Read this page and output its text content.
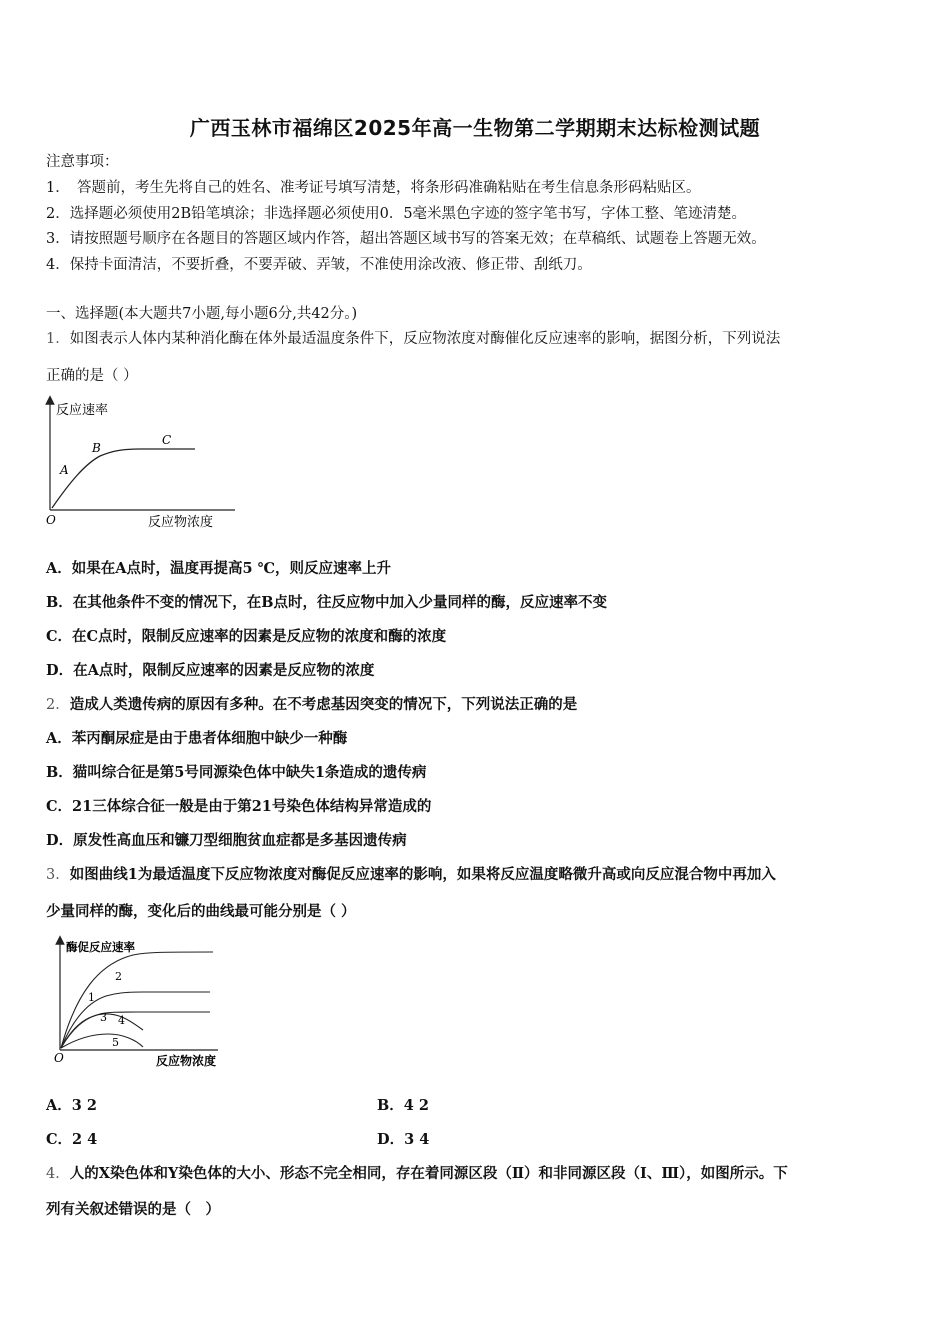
广西玉林市福绵区2025年高一生物第二学期期末达标检测试题
注意事项：
1．　答题前，考生先将自己的姓名、准考证号填写清楚，将条形码准确粘贴在考生信息条形码粘贴区。
2．选择题必须使用2B铅笔填涂；非选择题必须使用0．5毫米黑色字迹的签字笔书写，字体工整、笔迹清楚。
3．请按照题号顺序在各题目的答题区域内作答，超出答题区域书写的答案无效；在草稿纸、试题卷上答题无效。
4．保持卡面清洁，不要折叠，不要弄破、弄皱，不准使用涂改液、修正带、刮纸刀。
一、选择题(本大题共7小题,每小题6分,共42分。)
1．如图表示人体内某种消化酶在体外最适温度条件下，反应物浓度对酶催化反应速率的影响，据图分析，下列说法
正确的是（ ）
反应速率
反应物浓度
O
A
B
C
A．如果在A点时，温度再提高5 ℃，则反应速率上升
B．在其他条件不变的情况下，在B点时，往反应物中加入少量同样的酶，反应速率不变
C．在C点时，限制反应速率的因素是反应物的浓度和酶的浓度
D．在A点时，限制反应速率的因素是反应物的浓度
2．造成人类遗传病的原因有多种。在不考虑基因突变的情况下，下列说法正确的是
A．苯丙酮尿症是由于患者体细胞中缺少一种酶
B．猫叫综合征是第5号同源染色体中缺失1条造成的遗传病
C．21三体综合征一般是由于第21号染色体结构异常造成的
D．原发性高血压和镰刀型细胞贫血症都是多基因遗传病
3．如图曲线1为最适温度下反应物浓度对酶促反应速率的影响，如果将反应温度略微升高或向反应混合物中再加入
少量同样的酶，变化后的曲线最可能分别是（ ）
酶促反应速率
反应物浓度
O
1
2
3 4
5
A．3 2	B．4 2
C．2 4	D．3 4
4．人的X染色体和Y染色体的大小、形态不完全相同，存在着同源区段（Ⅱ）和非同源区段（Ⅰ、Ⅲ），如图所示。下
列有关叙述错误的是（　）
